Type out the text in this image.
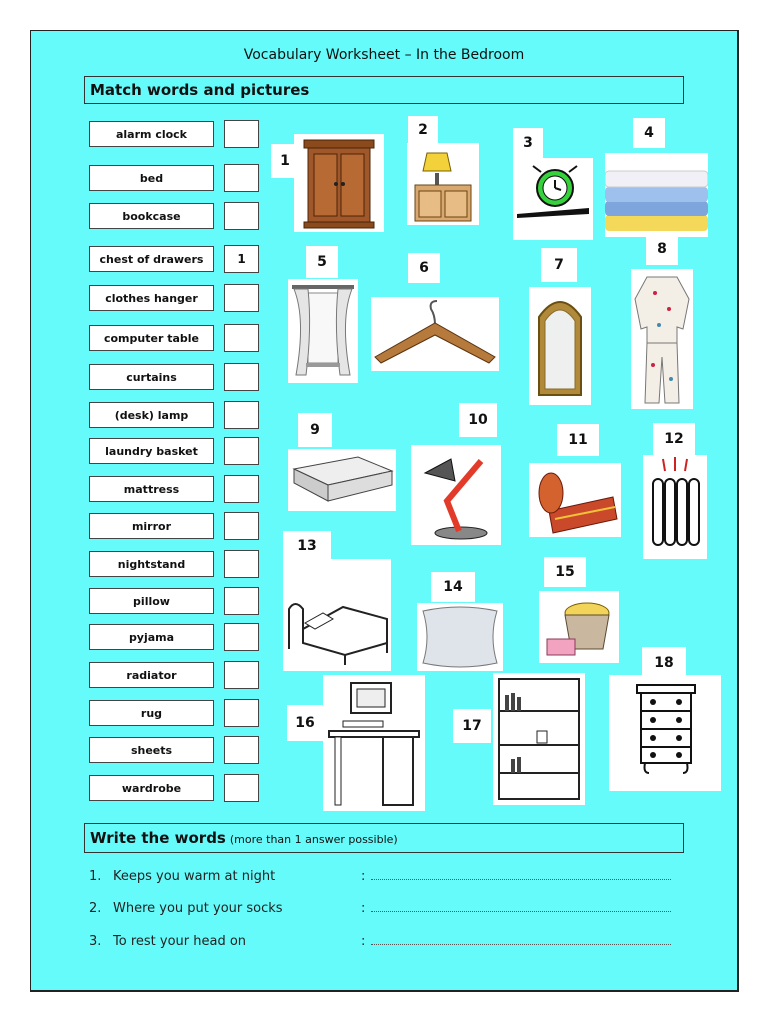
Vocabulary Worksheet – In the Bedroom
Match words and pictures
alarm clock
bed
bookcase
chest of drawers	1
clothes hanger
computer table
curtains
(desk) lamp
laundry basket
mattress
mirror
nightstand
pillow
pyjama
radiator
rug
sheets
wardrobe
1
2
3
4
5	6	7
8
9
10
11	12
13
14
15
16	17
18
Write the words (more than 1 answer possible)
1. Keeps you warm at night	:
2. Where you put your socks	:
3. To rest your head on	:
